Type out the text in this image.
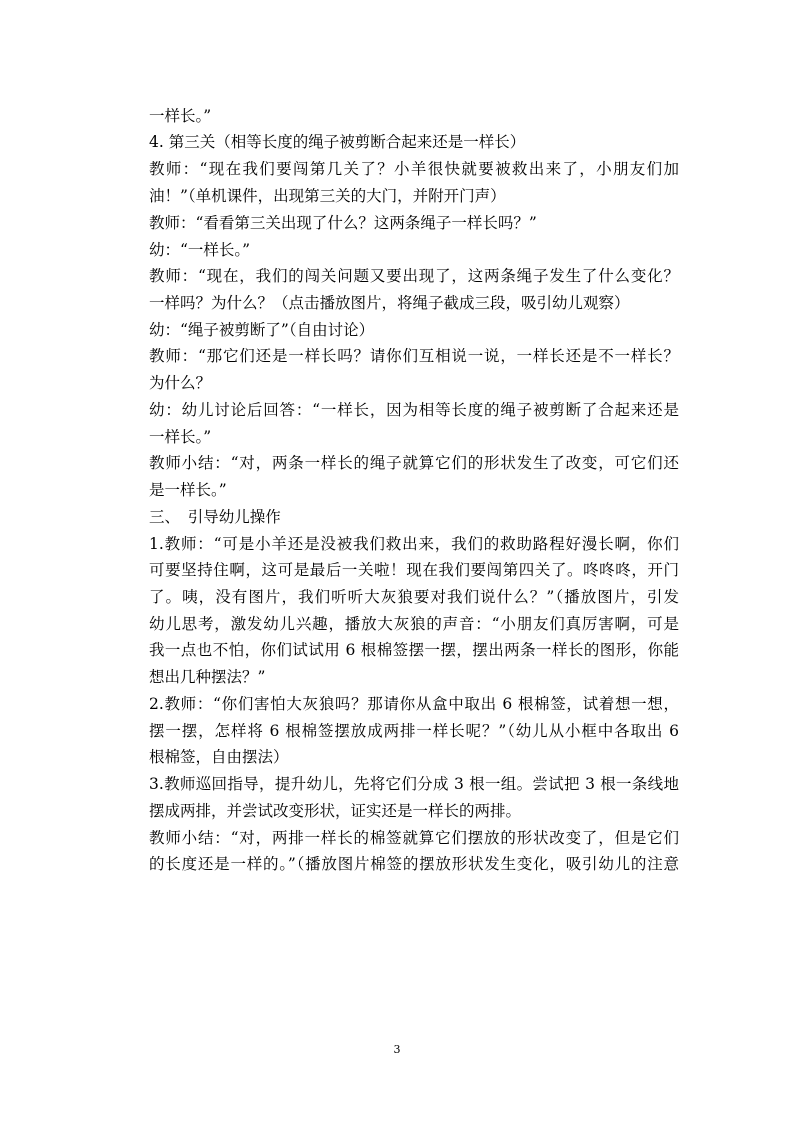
一样长。”
4. 第三关（相等长度的绳子被剪断合起来还是一样长）
教师：“现在我们要闯第几关了？小羊很快就要被救出来了，小朋友们加
油！”（单机课件，出现第三关的大门，并附开门声）
教师：“看看第三关出现了什么？这两条绳子一样长吗？”
幼：“一样长。”
教师：“现在，我们的闯关问题又要出现了，这两条绳子发生了什么变化？
一样吗？为什么？（点击播放图片，将绳子截成三段，吸引幼儿观察）
幼：“绳子被剪断了”（自由讨论）
教师：“那它们还是一样长吗？请你们互相说一说，一样长还是不一样长？
为什么？
幼：幼儿讨论后回答：“一样长，因为相等长度的绳子被剪断了合起来还是
一样长。”
教师小结：“对，两条一样长的绳子就算它们的形状发生了改变，可它们还
是一样长。”
三、　引导幼儿操作
1.教师：“可是小羊还是没被我们救出来，我们的救助路程好漫长啊，你们
可要坚持住啊，这可是最后一关啦！现在我们要闯第四关了。咚咚咚，开门
了。咦，没有图片，我们听听大灰狼要对我们说什么？”（播放图片，引发
幼儿思考，激发幼儿兴趣，播放大灰狼的声音：“小朋友们真厉害啊，可是
我一点也不怕，你们试试用 6 根棉签摆一摆，摆出两条一样长的图形，你能
想出几种摆法？”
2.教师：“你们害怕大灰狼吗？那请你从盒中取出 6 根棉签，试着想一想，
摆一摆，怎样将 6 根棉签摆放成两排一样长呢？”（幼儿从小框中各取出 6
根棉签，自由摆法）
3.教师巡回指导，提升幼儿，先将它们分成 3 根一组。尝试把 3 根一条线地
摆成两排，并尝试改变形状，证实还是一样长的两排。
教师小结：“对，两排一样长的棉签就算它们摆放的形状改变了，但是它们
的长度还是一样的。”（播放图片棉签的摆放形状发生变化，吸引幼儿的注意
3
